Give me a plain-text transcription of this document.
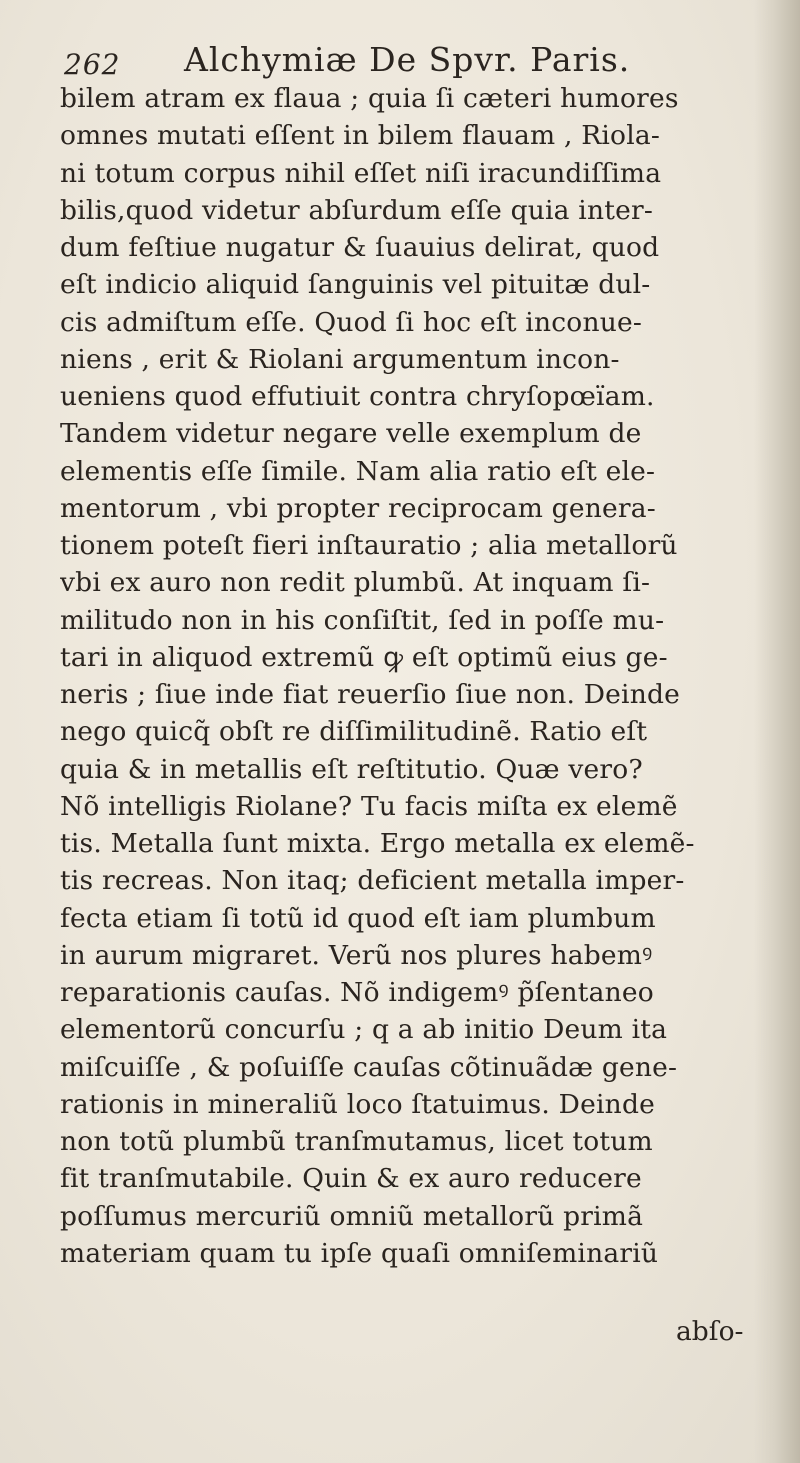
262 Alchymiæ De Spvr. Paris.
bilem atram ex flaua ; quia ſi cæteri humores
omnes mutati eſſent in bilem flauam , Riola-
ni totum corpus nihil eſſet niſi iracundiſſima
bilis,quod videtur abſurdum eſſe quia inter-
dum feſtiue nugatur & ſuauius delirat, quod
eſt indicio aliquid ſanguinis vel pituitæ dul-
cis admiſtum eſſe. Quod ſi hoc eſt inconue-
niens , erit & Riolani argumentum incon-
ueniens quod effutiuit contra chryſopœïam.
Tandem videtur negare velle exemplum de
elementis eſſe ſimile. Nam alia ratio eſt ele-
mentorum , vbi propter reciprocam genera-
tionem poteſt fieri inſtauratio ; alia metallorũ
vbi ex auro non redit plumbũ. At inquam ſi-
militudo non in his conſiſtit, ſed in poſſe mu-
tari in aliquod extremũ ꝙ eſt optimũ eius ge-
neris ; ſiue inde fiat reuerſio ſiue non. Deinde
nego quicq̃ obſt re diſſimilitudinẽ. Ratio eſt
quia & in metallis eſt reſtitutio. Quæ vero?
Nõ intelligis Riolane? Tu facis miſta ex elemẽ
tis. Metalla ſunt mixta. Ergo metalla ex elemẽ-
tis recreas. Non itaq; deficient metalla imper-
fecta etiam ſi totũ id quod eſt iam plumbum
in aurum migraret. Verũ nos plures habemꝰ
reparationis cauſas. Nõ indigemꝰ p̃ſentaneo
elementorũ concurſu ; q a ab initio Deum ita
miſcuiſſe , & poſuiſſe cauſas cõtinuãdæ gene-
rationis in mineraliũ loco ſtatuimus. Deinde
non totũ plumbũ tranſmutamus, licet totum
fit tranſmutabile. Quin & ex auro reducere
poſſumus mercuriũ omniũ metallorũ primã
materiam quam tu ipſe quaſi omniſeminariũ
abſo-
